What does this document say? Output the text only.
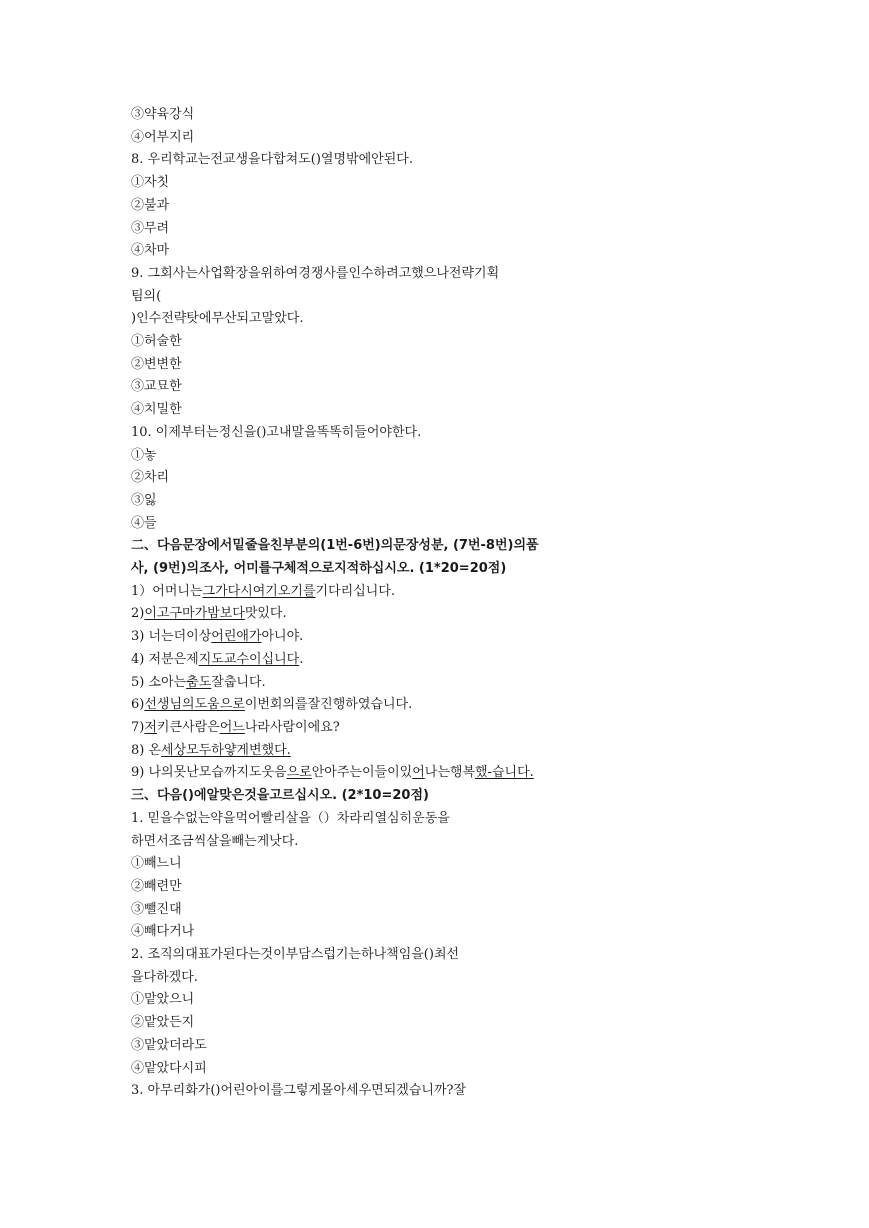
③약육강식
④어부지리
8. 우리학교는전교생을다합쳐도()열명밖에안된다.
①자칫
②불과
③무려
④차마
9. 그회사는사업확장을위하여경쟁사를인수하려고했으나전략기획
팀의(
)인수전략탓에무산되고말았다.
①허술한
②변변한
③교묘한
④치밀한
10. 이제부터는정신을()고내말을똑똑히들어야한다.
①놓
②차리
③잃
④들
二、다음문장에서밑줄을친부분의(1번-6번)의문장성분, (7번-8번)의품
사, (9번)의조사, 어미를구체적으로지적하십시오. (1*20=20점)
1）어머니는그가다시여기오기를기다리십니다.
2)이고구마가밤보다맛있다.
3) 너는더이상어린애가아니야.
4) 저분은제지도교수이십니다.
5) 소아는춤도잘춥니다.
6)선생님의도움으로이번회의를잘진행하였습니다.
7)저키큰사람은어느나라사람이에요?
8) 온세상모두하얗게변했다.
9) 나의못난모습까지도웃음으로안아주는이들이있어나는행복했-습니다.
三、다음()에알맞은것을고르십시오. (2*10=20점)
1. 믿을수없는약을먹어빨리살을（）차라리열심히운동을
하면서조금씩살을빼는게낫다.
①빼느니
②빼련만
③뺄진대
④빼다거나
2. 조직의대표가된다는것이부담스럽기는하나책임을()최선
을다하겠다.
①맡았으니
②맡았든지
③맡았더라도
④맡았다시피
3. 아무리화가()어린아이를그렇게몰아세우면되겠습니까?잘
